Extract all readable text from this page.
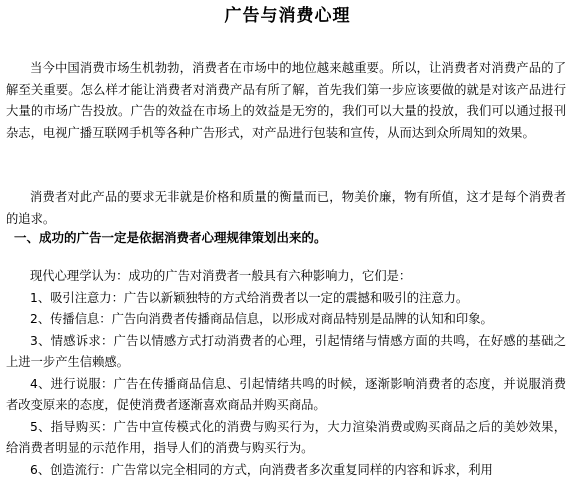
广告与消费心理
当今中国消费市场生机勃勃，消费者在市场中的地位越来越重要。所以，让消费者对消费产品的了解至关重要。怎么样才能让消费者对消费产品有所了解，首先我们第一步应该要做的就是对该产品进行大量的市场广告投放。广告的效益在市场上的效益是无穷的，我们可以大量的投放，我们可以通过报刊杂志，电视广播互联网手机等各种广告形式，对产品进行包装和宣传，从而达到众所周知的效果。
消费者对此产品的要求无非就是价格和质量的衡量而已，物美价廉，物有所值，这才是每个消费者的追求。
一、成功的广告一定是依据消费者心理规律策划出来的。
现代心理学认为：成功的广告对消费者一般具有六种影响力，它们是：
1、吸引注意力：广告以新颖独特的方式给消费者以一定的震撼和吸引的注意力。
2、传播信息：广告向消费者传播商品信息，以形成对商品特别是品牌的认知和印象。
3、情感诉求：广告以情感方式打动消费者的心理，引起情绪与情感方面的共鸣，在好感的基础之上进一步产生信赖感。
4、进行说服：广告在传播商品信息、引起情绪共鸣的时候，逐渐影响消费者的态度，并说服消费者改变原来的态度，促使消费者逐渐喜欢商品并购买商品。
5、指导购买：广告中宣传模式化的消费与购买行为，大力渲染消费或购买商品之后的美妙效果，给消费者明显的示范作用，指导人们的消费与购买行为。
6、创造流行：广告常以完全相同的方式，向消费者多次重复同样的内容和诉求，利用
